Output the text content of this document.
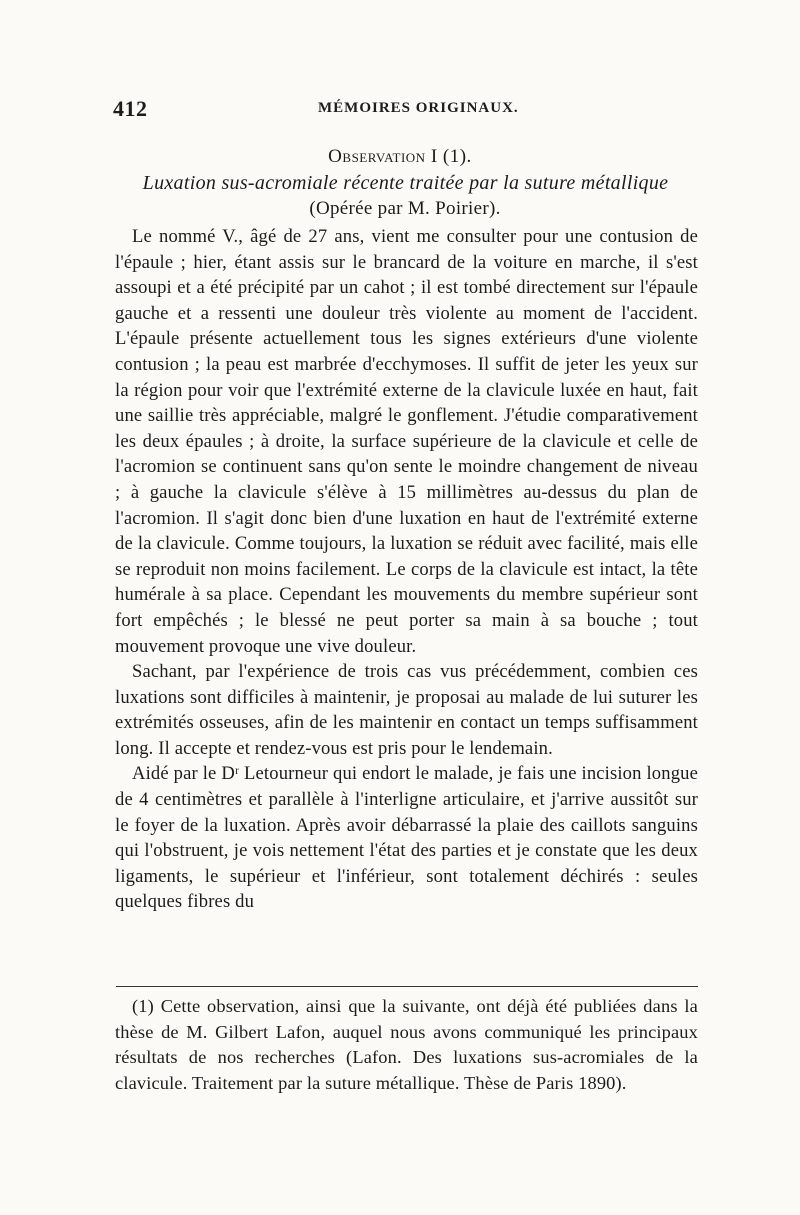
412	MÉMOIRES ORIGINAUX.
Observation I (1).
Luxation sus-acromiale récente traitée par la suture métallique
(Opérée par M. Poirier).

Le nommé V., âgé de 27 ans, vient me consulter pour une contusion de l'épaule ; hier, étant assis sur le brancard de la voiture en marche, il s'est assoupi et a été précipité par un cahot ; il est tombé directement sur l'épaule gauche et a ressenti une douleur très violente au moment de l'accident. L'épaule présente actuellement tous les signes extérieurs d'une violente contusion ; la peau est marbrée d'ecchymoses. Il suffit de jeter les yeux sur la région pour voir que l'extrémité externe de la clavicule luxée en haut, fait une saillie très appréciable, malgré le gonflement. J'étudie comparativement les deux épaules ; à droite, la surface supérieure de la clavicule et celle de l'acromion se continuent sans qu'on sente le moindre changement de niveau ; à gauche la clavicule s'élève à 15 millimètres au-dessus du plan de l'acromion. Il s'agit donc bien d'une luxation en haut de l'extrémité externe de la clavicule. Comme toujours, la luxation se réduit avec facilité, mais elle se reproduit non moins facilement. Le corps de la clavicule est intact, la tête humérale à sa place. Cependant les mouvements du membre supérieur sont fort empêchés ; le blessé ne peut porter sa main à sa bouche ; tout mouvement provoque une vive douleur.

Sachant, par l'expérience de trois cas vus précédemment, combien ces luxations sont difficiles à maintenir, je proposai au malade de lui suturer les extrémités osseuses, afin de les maintenir en contact un temps suffisamment long. Il accepte et rendez-vous est pris pour le lendemain.

Aidé par le Dʳ Letourneur qui endort le malade, je fais une incision longue de 4 centimètres et parallèle à l'interligne articulaire, et j'arrive aussitôt sur le foyer de la luxation. Après avoir débarrassé la plaie des caillots sanguins qui l'obstruent, je vois nettement l'état des parties et je constate que les deux ligaments, le supérieur et l'inférieur, sont totalement déchirés : seules quelques fibres du

(1) Cette observation, ainsi que la suivante, ont déjà été publiées dans la thèse de M. Gilbert Lafon, auquel nous avons communiqué les principaux résultats de nos recherches (Lafon. Des luxations sus-acromiales de la clavicule. Traitement par la suture métallique. Thèse de Paris 1890).
